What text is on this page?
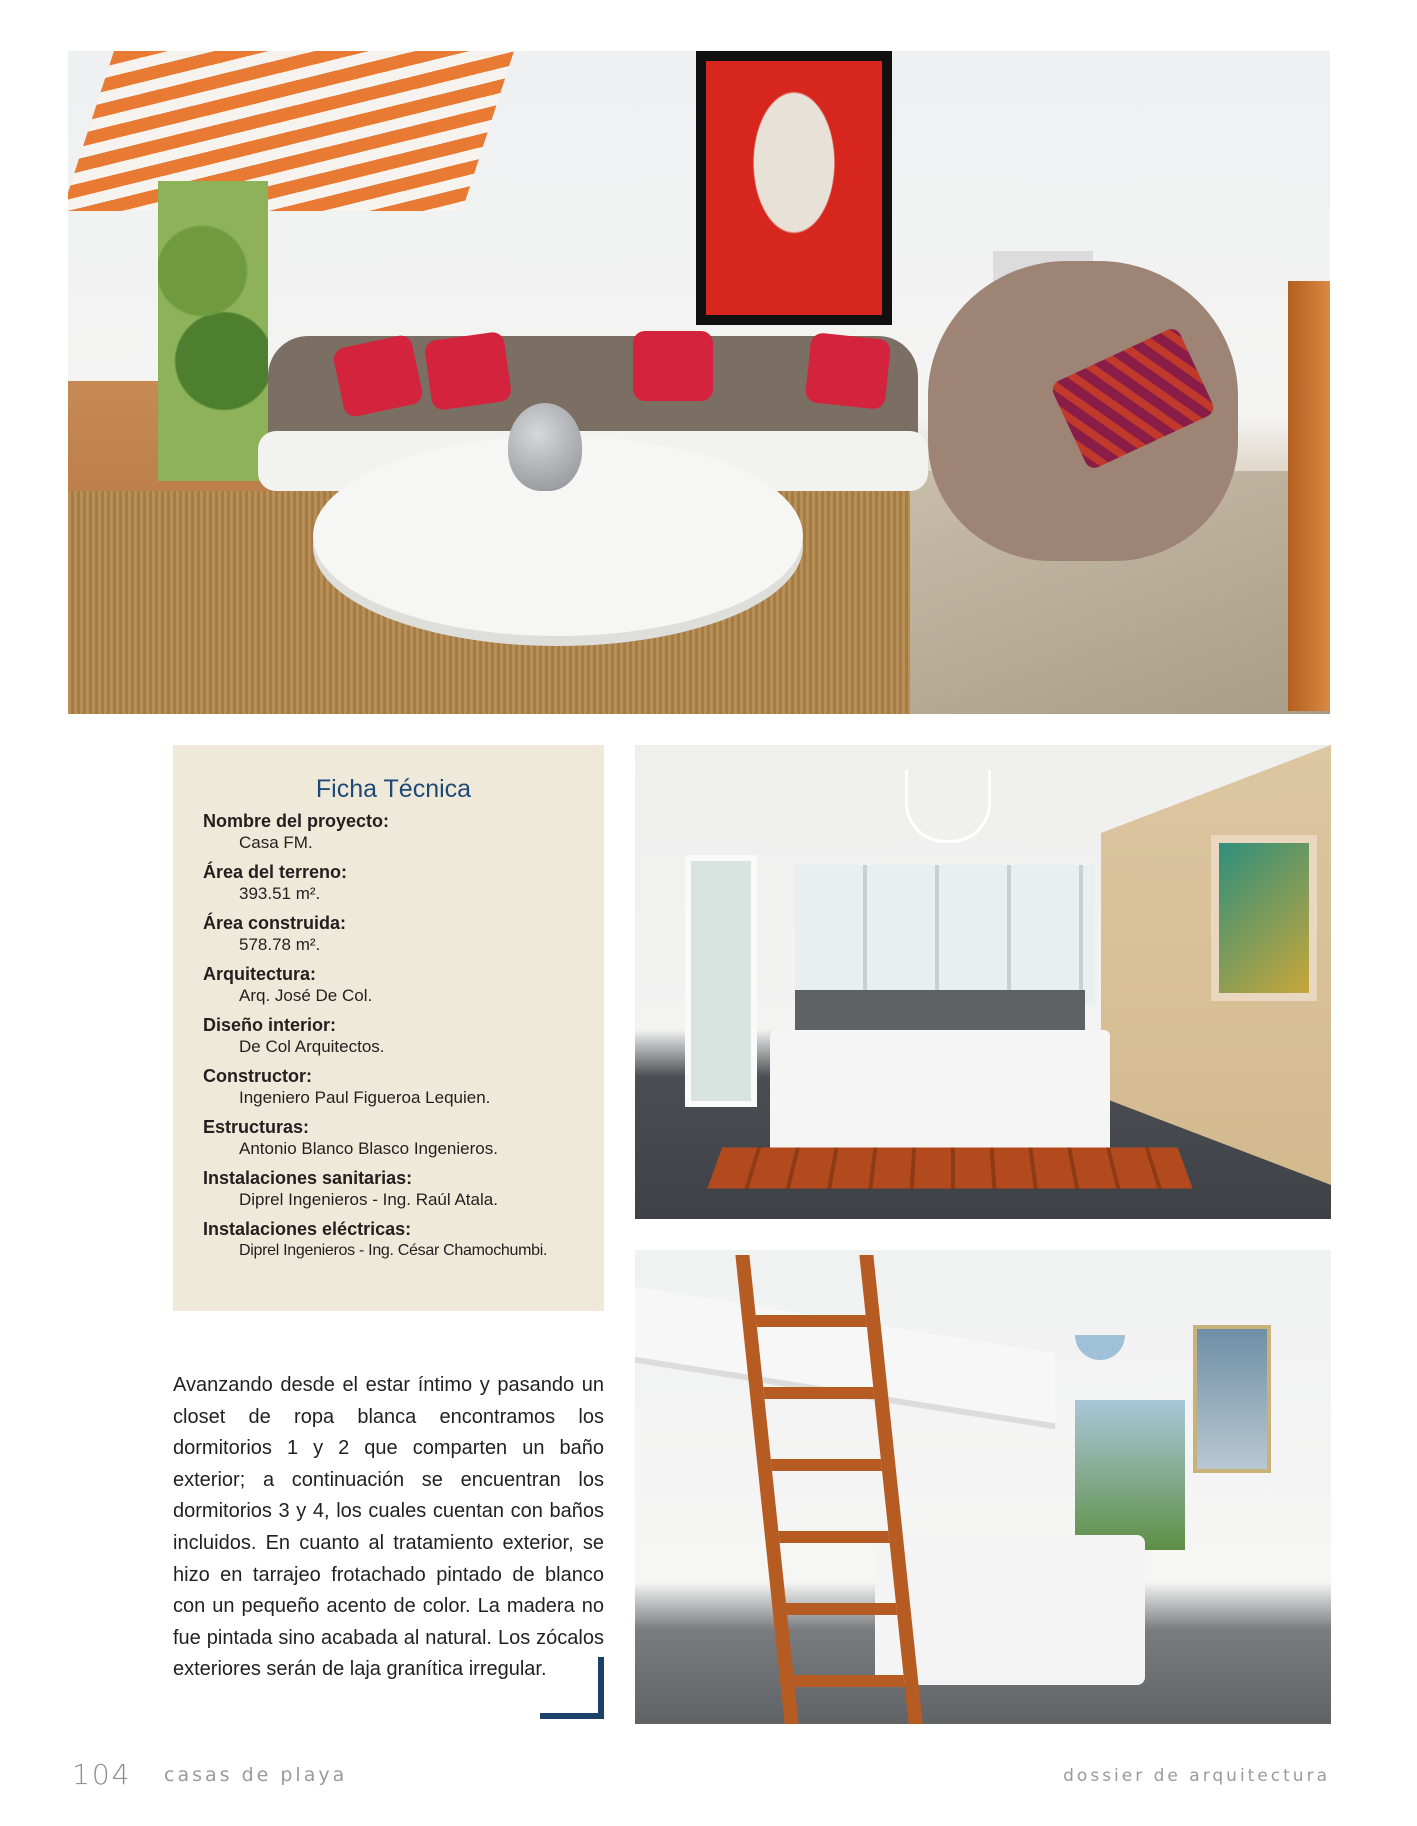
Ficha Técnica
Nombre del proyecto:
Casa FM.
Área del terreno:
393.51 m².
Área construida:
578.78 m².
Arquitectura:
Arq. José De Col.
Diseño interior:
De Col Arquitectos.
Constructor:
Ingeniero Paul Figueroa Lequien.
Estructuras:
Antonio Blanco Blasco Ingenieros.
Instalaciones sanitarias:
Diprel Ingenieros - Ing. Raúl Atala.
Instalaciones eléctricas:
Diprel Ingenieros - Ing. César Chamochumbi.

Avanzando desde el estar íntimo y pasando un closet de ropa blanca encontramos los dormitorios 1 y 2 que comparten un baño exterior; a continuación se encuentran los dormitorios 3 y 4, los cuales cuentan con baños incluidos. En cuanto al tratamiento exterior, se hizo en tarrajeo frotachado pintado de blanco con un pequeño acento de color. La madera no fue pintada sino acabada al natural. Los zócalos exteriores serán de laja granítica irregular.

104 casas de playa	dossier de arquitectura
